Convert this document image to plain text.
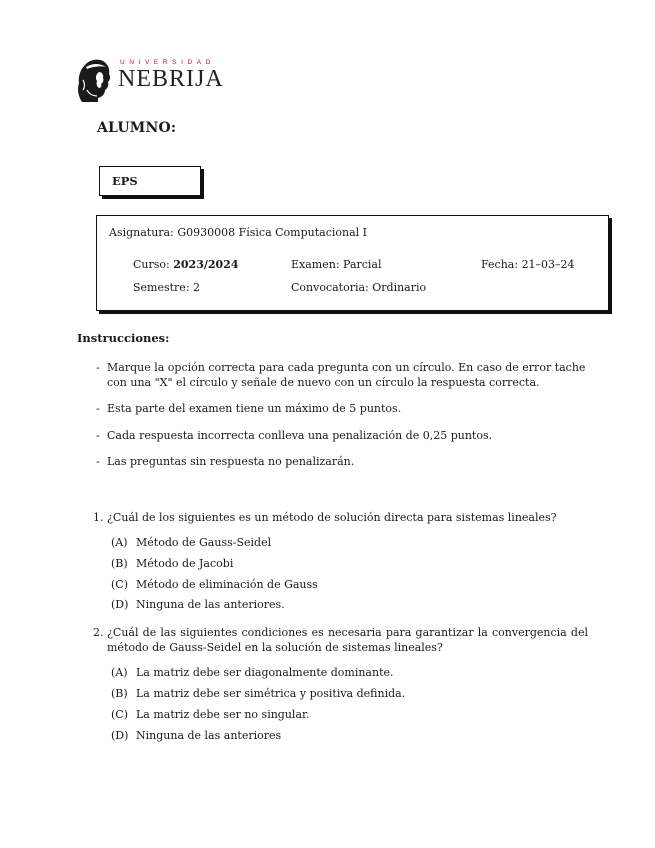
UNIVERSIDAD
NEBRIJA
ALUMNO:
EPS
Asignatura: G0930008 Física Computacional I
Curso: 2023/2024	Examen: Parcial	Fecha: 21–03–24
Semestre: 2	Convocatoria: Ordinario
Instrucciones:
- Marque la opción correcta para cada pregunta con un círculo. En caso de error tache con una "X" el círculo y señale de nuevo con un círculo la respuesta correcta.
- Esta parte del examen tiene un máximo de 5 puntos.
- Cada respuesta incorrecta conlleva una penalización de 0,25 puntos.
- Las preguntas sin respuesta no penalizarán.
1. ¿Cuál de los siguientes es un método de solución directa para sistemas lineales?
(A) Método de Gauss-Seidel
(B) Método de Jacobi
(C) Método de eliminación de Gauss
(D) Ninguna de las anteriores.
2. ¿Cuál de las siguientes condiciones es necesaria para garantizar la convergencia del método de Gauss-Seidel en la solución de sistemas lineales?
(A) La matriz debe ser diagonalmente dominante.
(B) La matriz debe ser simétrica y positiva definida.
(C) La matriz debe ser no singular.
(D) Ninguna de las anteriores
